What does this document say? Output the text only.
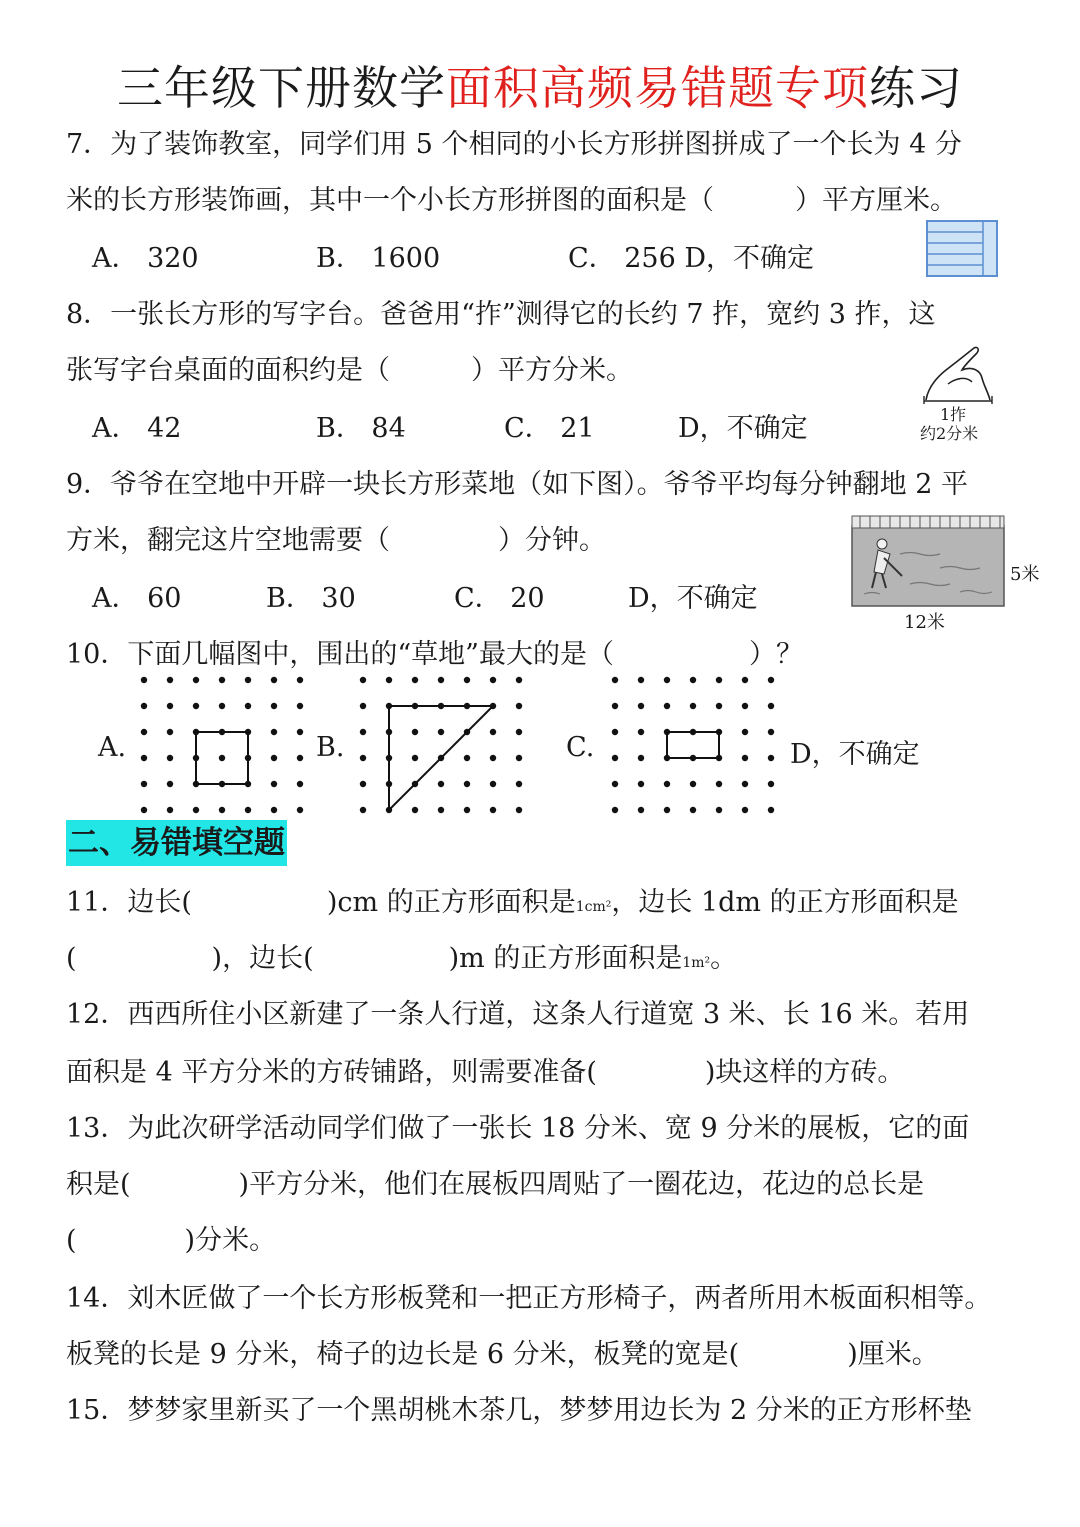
三年级下册数学面积高频易错题专项练习
7．为了装饰教室，同学们用 5 个相同的小长方形拼图拼成了一个长为 4 分
米的长方形装饰画，其中一个小长方形拼图的面积是（　　　）平方厘米。
A． 320	B． 1600	C． 256 D，不确定
8．一张长方形的写字台。爸爸用“拃”测得它的长约 7 拃，宽约 3 拃，这
张写字台桌面的面积约是（　　　）平方分米。
A． 42	B． 84	C． 21	D，不确定	1拃
约2分米
9．爷爷在空地中开辟一块长方形菜地（如下图）。爷爷平均每分钟翻地 2 平
方米，翻完这片空地需要（　　　　）分钟。
A． 60	B． 30	C． 20	D，不确定
5米
12米
10．下面几幅图中，围出的“草地”最大的是（　　　　　）？
A.	B.	C.	D，不确定
二、易错填空题
11．边长(　　　　　)cm 的正方形面积是1cm²，边长 1dm 的正方形面积是
(　　　　　)，边长(　　　　　)m 的正方形面积是1m²。
12．西西所住小区新建了一条人行道，这条人行道宽 3 米、长 16 米。若用
面积是 4 平方分米的方砖铺路，则需要准备(　　　　)块这样的方砖。
13．为此次研学活动同学们做了一张长 18 分米、宽 9 分米的展板，它的面
积是(　　　　)平方分米，他们在展板四周贴了一圈花边，花边的总长是
(　　　　)分米。
14．刘木匠做了一个长方形板凳和一把正方形椅子，两者所用木板面积相等。
板凳的长是 9 分米，椅子的边长是 6 分米，板凳的宽是(　　　　)厘米。
15．梦梦家里新买了一个黑胡桃木茶几，梦梦用边长为 2 分米的正方形杯垫
